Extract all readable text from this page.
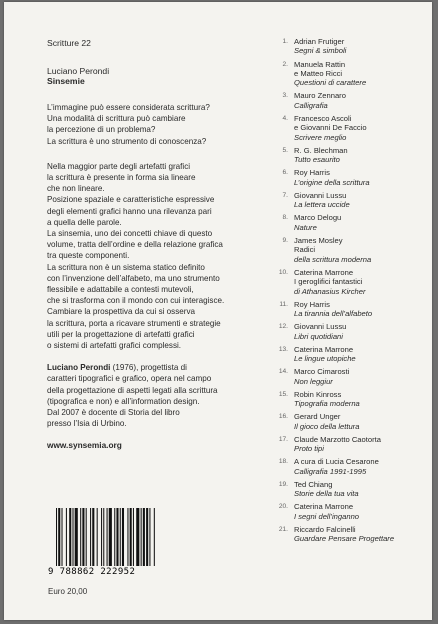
Scritture 22
Luciano Perondi
Sinsemie

L’immagine può essere considerata scrittura?
Una modalità di scrittura può cambiare
la percezione di un problema?
La scrittura è uno strumento di conoscenza?

Nella maggior parte degli artefatti grafici
la scrittura è presente in forma sia lineare
che non lineare.
Posizione spaziale e caratteristiche espressive
degli elementi grafici hanno una rilevanza pari
a quella delle parole.
La sinsemia, uno dei concetti chiave di questo
volume, tratta dell’ordine e della relazione grafica
tra queste componenti.
La scrittura non è un sistema statico definito
con l’invenzione dell’alfabeto, ma uno strumento
flessibile e adattabile a contesti mutevoli,
che si trasforma con il mondo con cui interagisce.
Cambiare la prospettiva da cui si osserva
la scrittura, porta a ricavare strumenti e strategie
utili per la progettazione di artefatti grafici
o sistemi di artefatti grafici complessi.

Luciano Perondi (1976), progettista di
caratteri tipografici e grafico, opera nel campo
della progettazione di aspetti legati alla scrittura
(tipografica e non) e all’information design.
Dal 2007 è docente di Storia del libro
presso l’Isia di Urbino.

www.synsemia.org
9 788862 222952
Euro 20,00
1. Adrian Frutiger
Segni & simboli
2. Manuela Rattin
e Matteo Ricci
Questioni di carattere
3. Mauro Zennaro
Calligrafia
4. Francesco Ascoli
e Giovanni De Faccio
Scrivere meglio
5. R. G. Blechman
Tutto esaurito
6. Roy Harris
L’origine della scrittura
7. Giovanni Lussu
La lettera uccide
8. Marco Delogu
Nature
9. James Mosley
Radici
della scrittura moderna
10. Caterina Marrone
I geroglifici fantastici
di Athanasius Kircher
11. Roy Harris
La tirannia dell’alfabeto
12. Giovanni Lussu
Libri quotidiani
13. Caterina Marrone
Le lingue utopiche
14. Marco Cimarosti
Non leggiur
15. Robin Kinross
Tipografia moderna
16. Gerard Unger
Il gioco della lettura
17. Claude Marzotto Caotorta
Proto tipi
18. A cura di Lucia Cesarone
Calligrafia 1991-1995
19. Ted Chiang
Storie della tua vita
20. Caterina Marrone
I segni dell’inganno
21. Riccardo Falcinelli
Guardare Pensare Progettare
